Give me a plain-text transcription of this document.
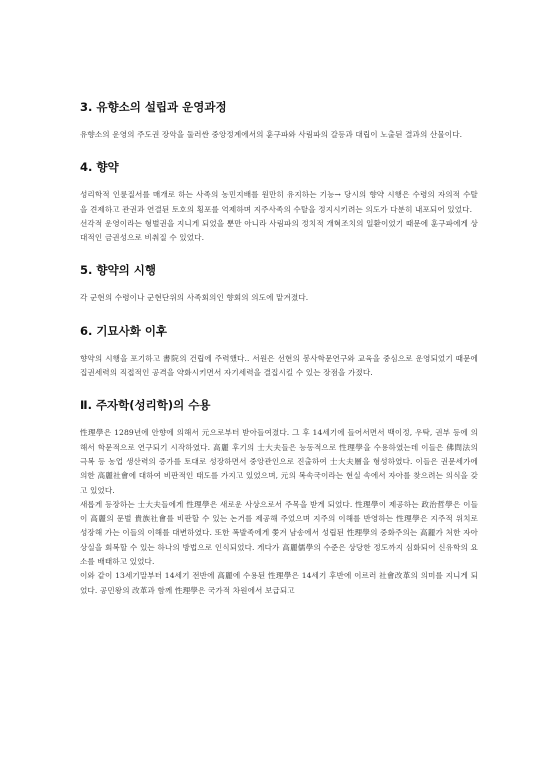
3. 유향소의 설립과 운영과정

유향소의 운영의 주도권 장악을 둘러싼 중앙정계에서의 훈구파와 사림파의 갈등과 대립이 노출된 결과의 산물이다.

4. 향약

성리학적 인륜질서를 매개로 하는 사족의 농민지배를 원만히 유지하는 기능→ 당시의 향약 시행은 수령의 자의적 수탈을 견제하고 관권과 연결된 토호의 횡포를 억제하며 지주사족의 수탈을 정지시키려는 의도가 다분히 내포되어 있었다.

선각적 운영이라는 형벌권을 지니게 되었을 뿐만 아니라 사림파의 정치적 개혁조치의 일환이었기 때문에 훈구파에게 상대적인 금권성으로 비춰질 수 있었다.

5. 향약의 시행

각 군현의 수령이나 군현단위의 사족회의인 향회의 의도에 맡겨졌다.

6. 기묘사화 이후

향약의 시행을 포기하고 書院의 건립에 주력했다.. 서원은 선현의 봉사학문연구와 교육을 중심으로 운영되었기 때문에 집권세력의 직접적인 공격을 약화시키면서 자기세력을 결집시킬 수 있는 장점을 가졌다.

Ⅱ. 주자학(성리학)의 수용

性理學은 1289년에 안향에 의해서 元으로부터 받아들여졌다. 그 후 14세기에 들어서면서 백이정, 우탁, 권부 등에 의해서 학문적으로 연구되기 시작하였다. 高麗 후기의 士大夫들은 능동적으로 性理學을 수용하였는데 이들은 佛問法의 극복 등 농업 생산력의 증가를 토대로 성장하면서 중앙관인으로 진출하여 士大夫層을 형성하였다. 이들은 권문세가에 의한 高麗社會에 대하여 비판적인 태도를 가지고 있었으며, 元의 복속국이라는 현실 속에서 자아를 찾으려는 의식을 갖고 있었다.

새롭게 등장하는 士大夫들에게 性理學은 새로운 사상으로서 주목을 받게 되었다. 性理學이 제공하는 政治哲學은 이들이 高麗의 문벌 貴族社會를 비판할 수 있는 논거를 제공해 주었으며 지주의 이해를 반영하는 性理學은 지주적 위치로 성장해 가는 이들의 이해를 대변하였다. 또한 폭발족에게 쫓겨 남송에서 성립된 性理學의 중화주의는 高麗가 처한 자아상실을 회복할 수 있는 하나의 방법으로 인식되었다. 게다가 高麗儒學의 수준은 상당한 정도까지 심화되어 신유학의 요소를 배태하고 있었다.

이와 같이 13세기말부터 14세기 전반에 高麗에 수용된 性理學은 14세기 후반에 이르러 社會改革의 의미를 지니게 되었다. 공민왕의 改革과 함께 性理學은 국가적 차원에서 보급되고
